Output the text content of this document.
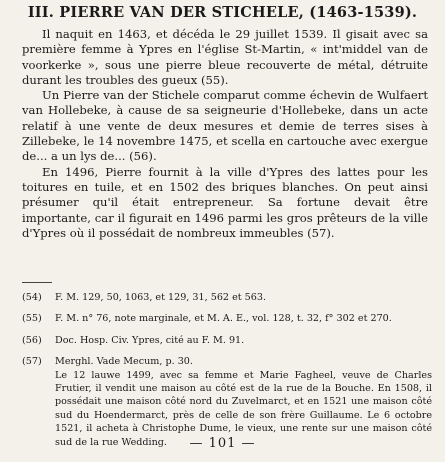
III. PIERRE VAN DER STICHELE, (1463-1539).

Il naquit en 1463, et décéda le 29 juillet 1539. Il gisait avec sa première femme à Ypres en l'église St-Martin, « int'middel van de voorkerke », sous une pierre bleue recouverte de métal, détruite durant les troubles des gueux (55).

Un Pierre van der Stichele comparut comme échevin de Wulfaert van Hollebeke, à cause de sa seigneurie d'Hollebeke, dans un acte relatif à une vente de deux mesures et demie de terres sises à Zillebeke, le 14 novembre 1475, et scella en cartouche avec exergue de... a un lys de... (56).

En 1496, Pierre fournit à la ville d'Ypres des lattes pour les toitures en tuile, et en 1502 des briques blanches. On peut ainsi présumer qu'il était entrepreneur. Sa fortune devait être importante, car il figurait en 1496 parmi les gros prêteurs de la ville d'Ypres où il possédait de nombreux immeubles (57).

(54)	F. M. 129, 50, 1063, et 129, 31, 562 et 563.
(55)	F. M. n° 76, note marginale, et M. A. E., vol. 128, t. 32, f° 302 et 270.
(56)	Doc. Hosp. Civ. Ypres, cité au F. M. 91.
(57)	Merghl. Vade Mecum, p. 30.
Le 12 lauwe 1499, avec sa femme et Marie Fagheel, veuve de Charles Frutier, il vendit une maison au côté est de la rue de la Bouche. En 1508, il possédait une maison côté nord du Zuvelmarct, et en 1521 une maison côté sud du Hoendermarct, près de celle de son frère Guillaume. Le 6 octobre 1521, il acheta à Christophe Dume, le vieux, une rente sur une maison côté sud de la rue Wedding.	— 101 —
